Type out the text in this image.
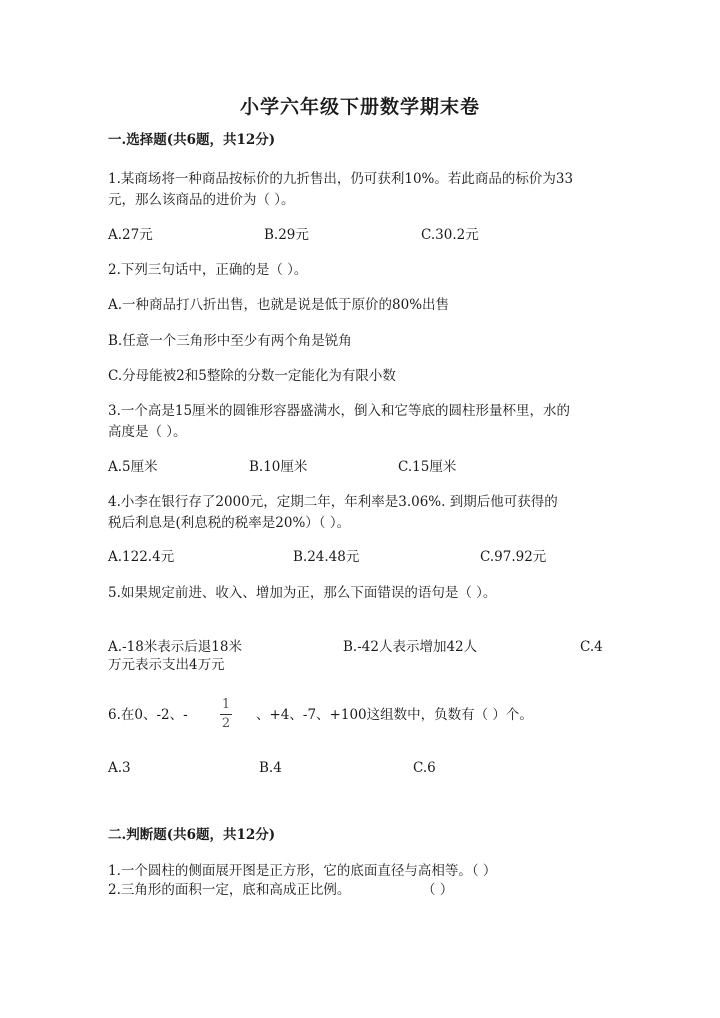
小学六年级下册数学期末卷
一.选择题(共6题，共12分)
1.某商场将一种商品按标价的九折售出，仍可获利10%。若此商品的标价为33
元，那么该商品的进价为（ ）。
A.27元	B.29元	C.30.2元
2.下列三句话中，正确的是（ ）。
A.一种商品打八折出售，也就是说是低于原价的80%出售
B.任意一个三角形中至少有两个角是锐角
C.分母能被2和5整除的分数一定能化为有限小数
3.一个高是15厘米的圆锥形容器盛满水，倒入和它等底的圆柱形量杯里，水的
高度是（ ）。
A.5厘米	B.10厘米	C.15厘米
4.小李在银行存了2000元，定期二年，年利率是3.06%. 到期后他可获得的
税后利息是(利息税的税率是20%）（ ）。
A.122.4元	B.24.48元	C.97.92元
5.如果规定前进、收入、增加为正，那么下面错误的语句是（ ）。
A.-18米表示后退18米	B.-42人表示增加42人	C.4
万元表示支出4万元
6.在0、-2、-
1
2
、+4、-7、+100这组数中，负数有（ ）个。
A.3	B.4	C.6
二.判断题(共6题，共12分)
1.一个圆柱的侧面展开图是正方形，它的底面直径与高相等。（ ）
2.三角形的面积一定，底和高成正比例。	（ ）
